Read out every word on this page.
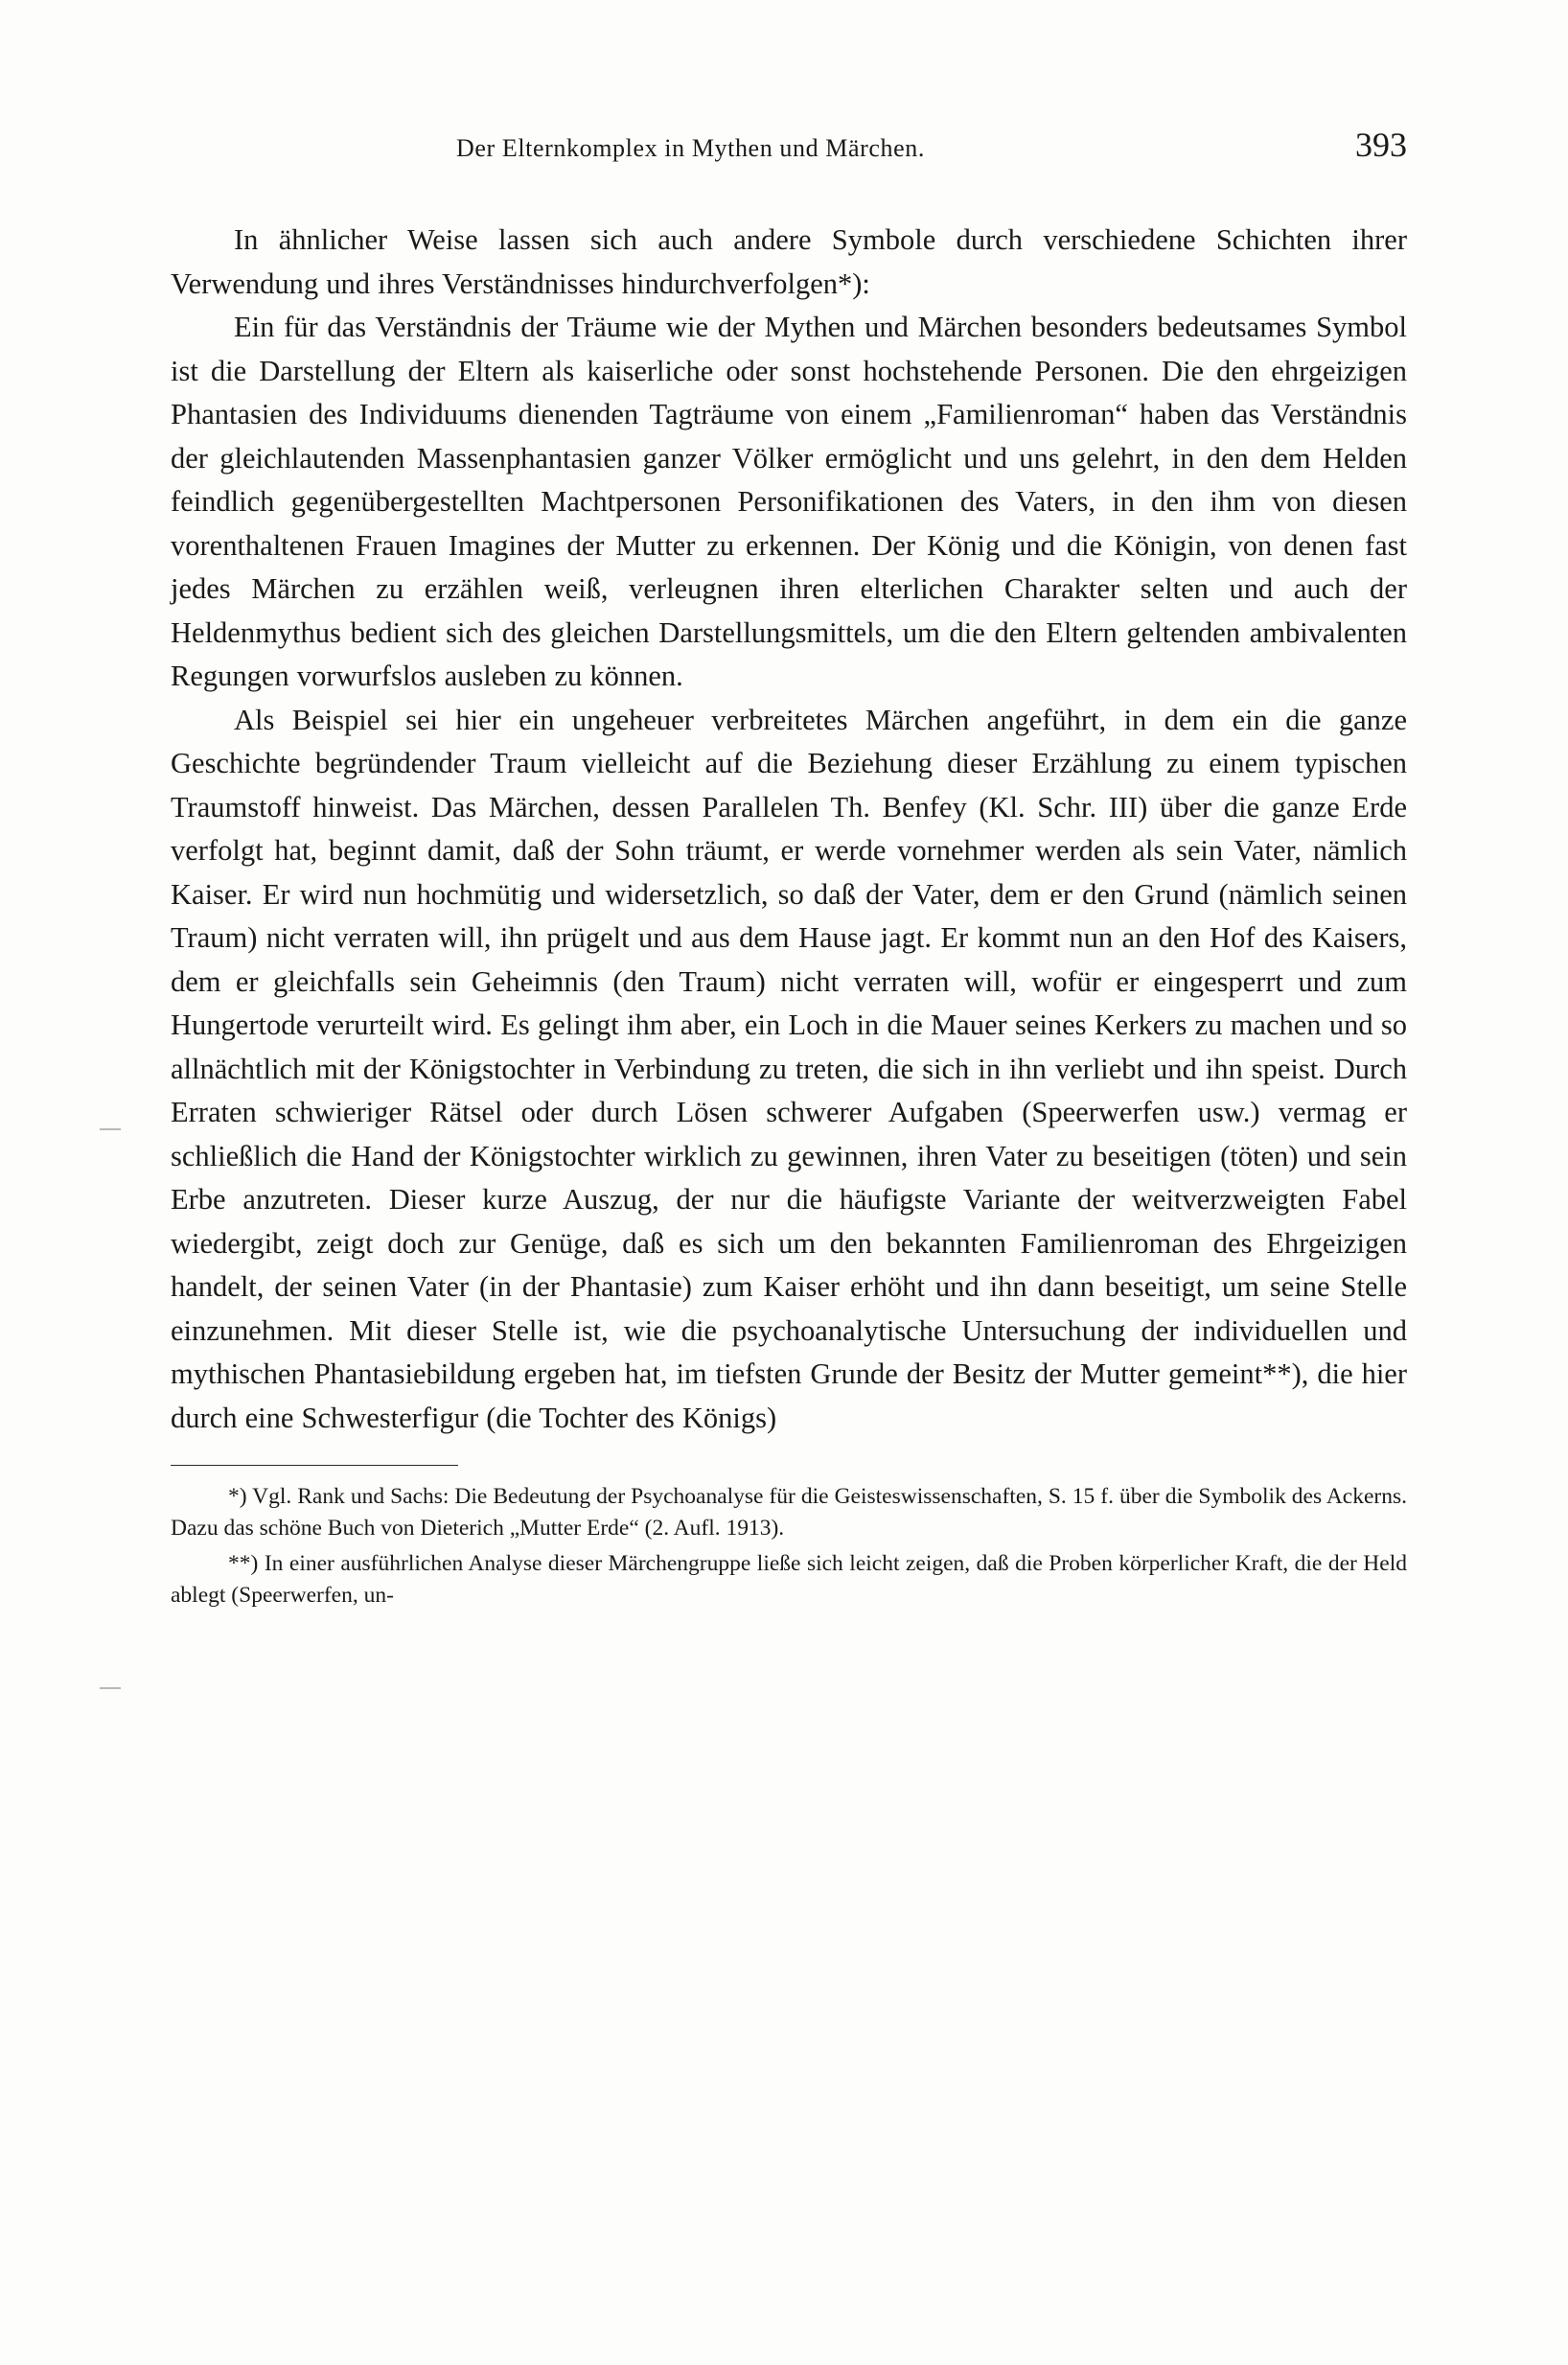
Der Elternkomplex in Mythen und Märchen.	393

In ähnlicher Weise lassen sich auch andere Symbole durch verschiedene Schichten ihrer Verwendung und ihres Verständnisses hindurchverfolgen*):

Ein für das Verständnis der Träume wie der Mythen und Märchen besonders bedeutsames Symbol ist die Darstellung der Eltern als kaiserliche oder sonst hochstehende Personen. Die den ehrgeizigen Phantasien des Individuums dienenden Tagträume von einem „Familienroman“ haben das Verständnis der gleichlautenden Massenphantasien ganzer Völker ermöglicht und uns gelehrt, in den dem Helden feindlich gegenübergestellten Machtpersonen Personifikationen des Vaters, in den ihm von diesen vorenthaltenen Frauen Imagines der Mutter zu erkennen. Der König und die Königin, von denen fast jedes Märchen zu erzählen weiß, verleugnen ihren elterlichen Charakter selten und auch der Heldenmythus bedient sich des gleichen Darstellungsmittels, um die den Eltern geltenden ambivalenten Regungen vorwurfslos ausleben zu können.

Als Beispiel sei hier ein ungeheuer verbreitetes Märchen angeführt, in dem ein die ganze Geschichte begründender Traum vielleicht auf die Beziehung dieser Erzählung zu einem typischen Traumstoff hinweist. Das Märchen, dessen Parallelen Th. Benfey (Kl. Schr. III) über die ganze Erde verfolgt hat, beginnt damit, daß der Sohn träumt, er werde vornehmer werden als sein Vater, nämlich Kaiser. Er wird nun hochmütig und widersetzlich, so daß der Vater, dem er den Grund (nämlich seinen Traum) nicht verraten will, ihn prügelt und aus dem Hause jagt. Er kommt nun an den Hof des Kaisers, dem er gleichfalls sein Geheimnis (den Traum) nicht verraten will, wofür er eingesperrt und zum Hungertode verurteilt wird. Es gelingt ihm aber, ein Loch in die Mauer seines Kerkers zu machen und so allnächtlich mit der Königstochter in Verbindung zu treten, die sich in ihn verliebt und ihn speist. Durch Erraten schwieriger Rätsel oder durch Lösen schwerer Aufgaben (Speerwerfen usw.) vermag er schließlich die Hand der Königstochter wirklich zu gewinnen, ihren Vater zu beseitigen (töten) und sein Erbe anzutreten. Dieser kurze Auszug, der nur die häufigste Variante der weitverzweigten Fabel wiedergibt, zeigt doch zur Genüge, daß es sich um den bekannten Familienroman des Ehrgeizigen handelt, der seinen Vater (in der Phantasie) zum Kaiser erhöht und ihn dann beseitigt, um seine Stelle einzunehmen. Mit dieser Stelle ist, wie die psychoanalytische Untersuchung der individuellen und mythischen Phantasiebildung ergeben hat, im tiefsten Grunde der Besitz der Mutter gemeint**), die hier durch eine Schwesterfigur (die Tochter des Königs)

*) Vgl. Rank und Sachs: Die Bedeutung der Psychoanalyse für die Geisteswissenschaften, S. 15 f. über die Symbolik des Ackerns. Dazu das schöne Buch von Dieterich „Mutter Erde“ (2. Aufl. 1913).

**) In einer ausführlichen Analyse dieser Märchengruppe ließe sich leicht zeigen, daß die Proben körperlicher Kraft, die der Held ablegt (Speerwerfen, un-
